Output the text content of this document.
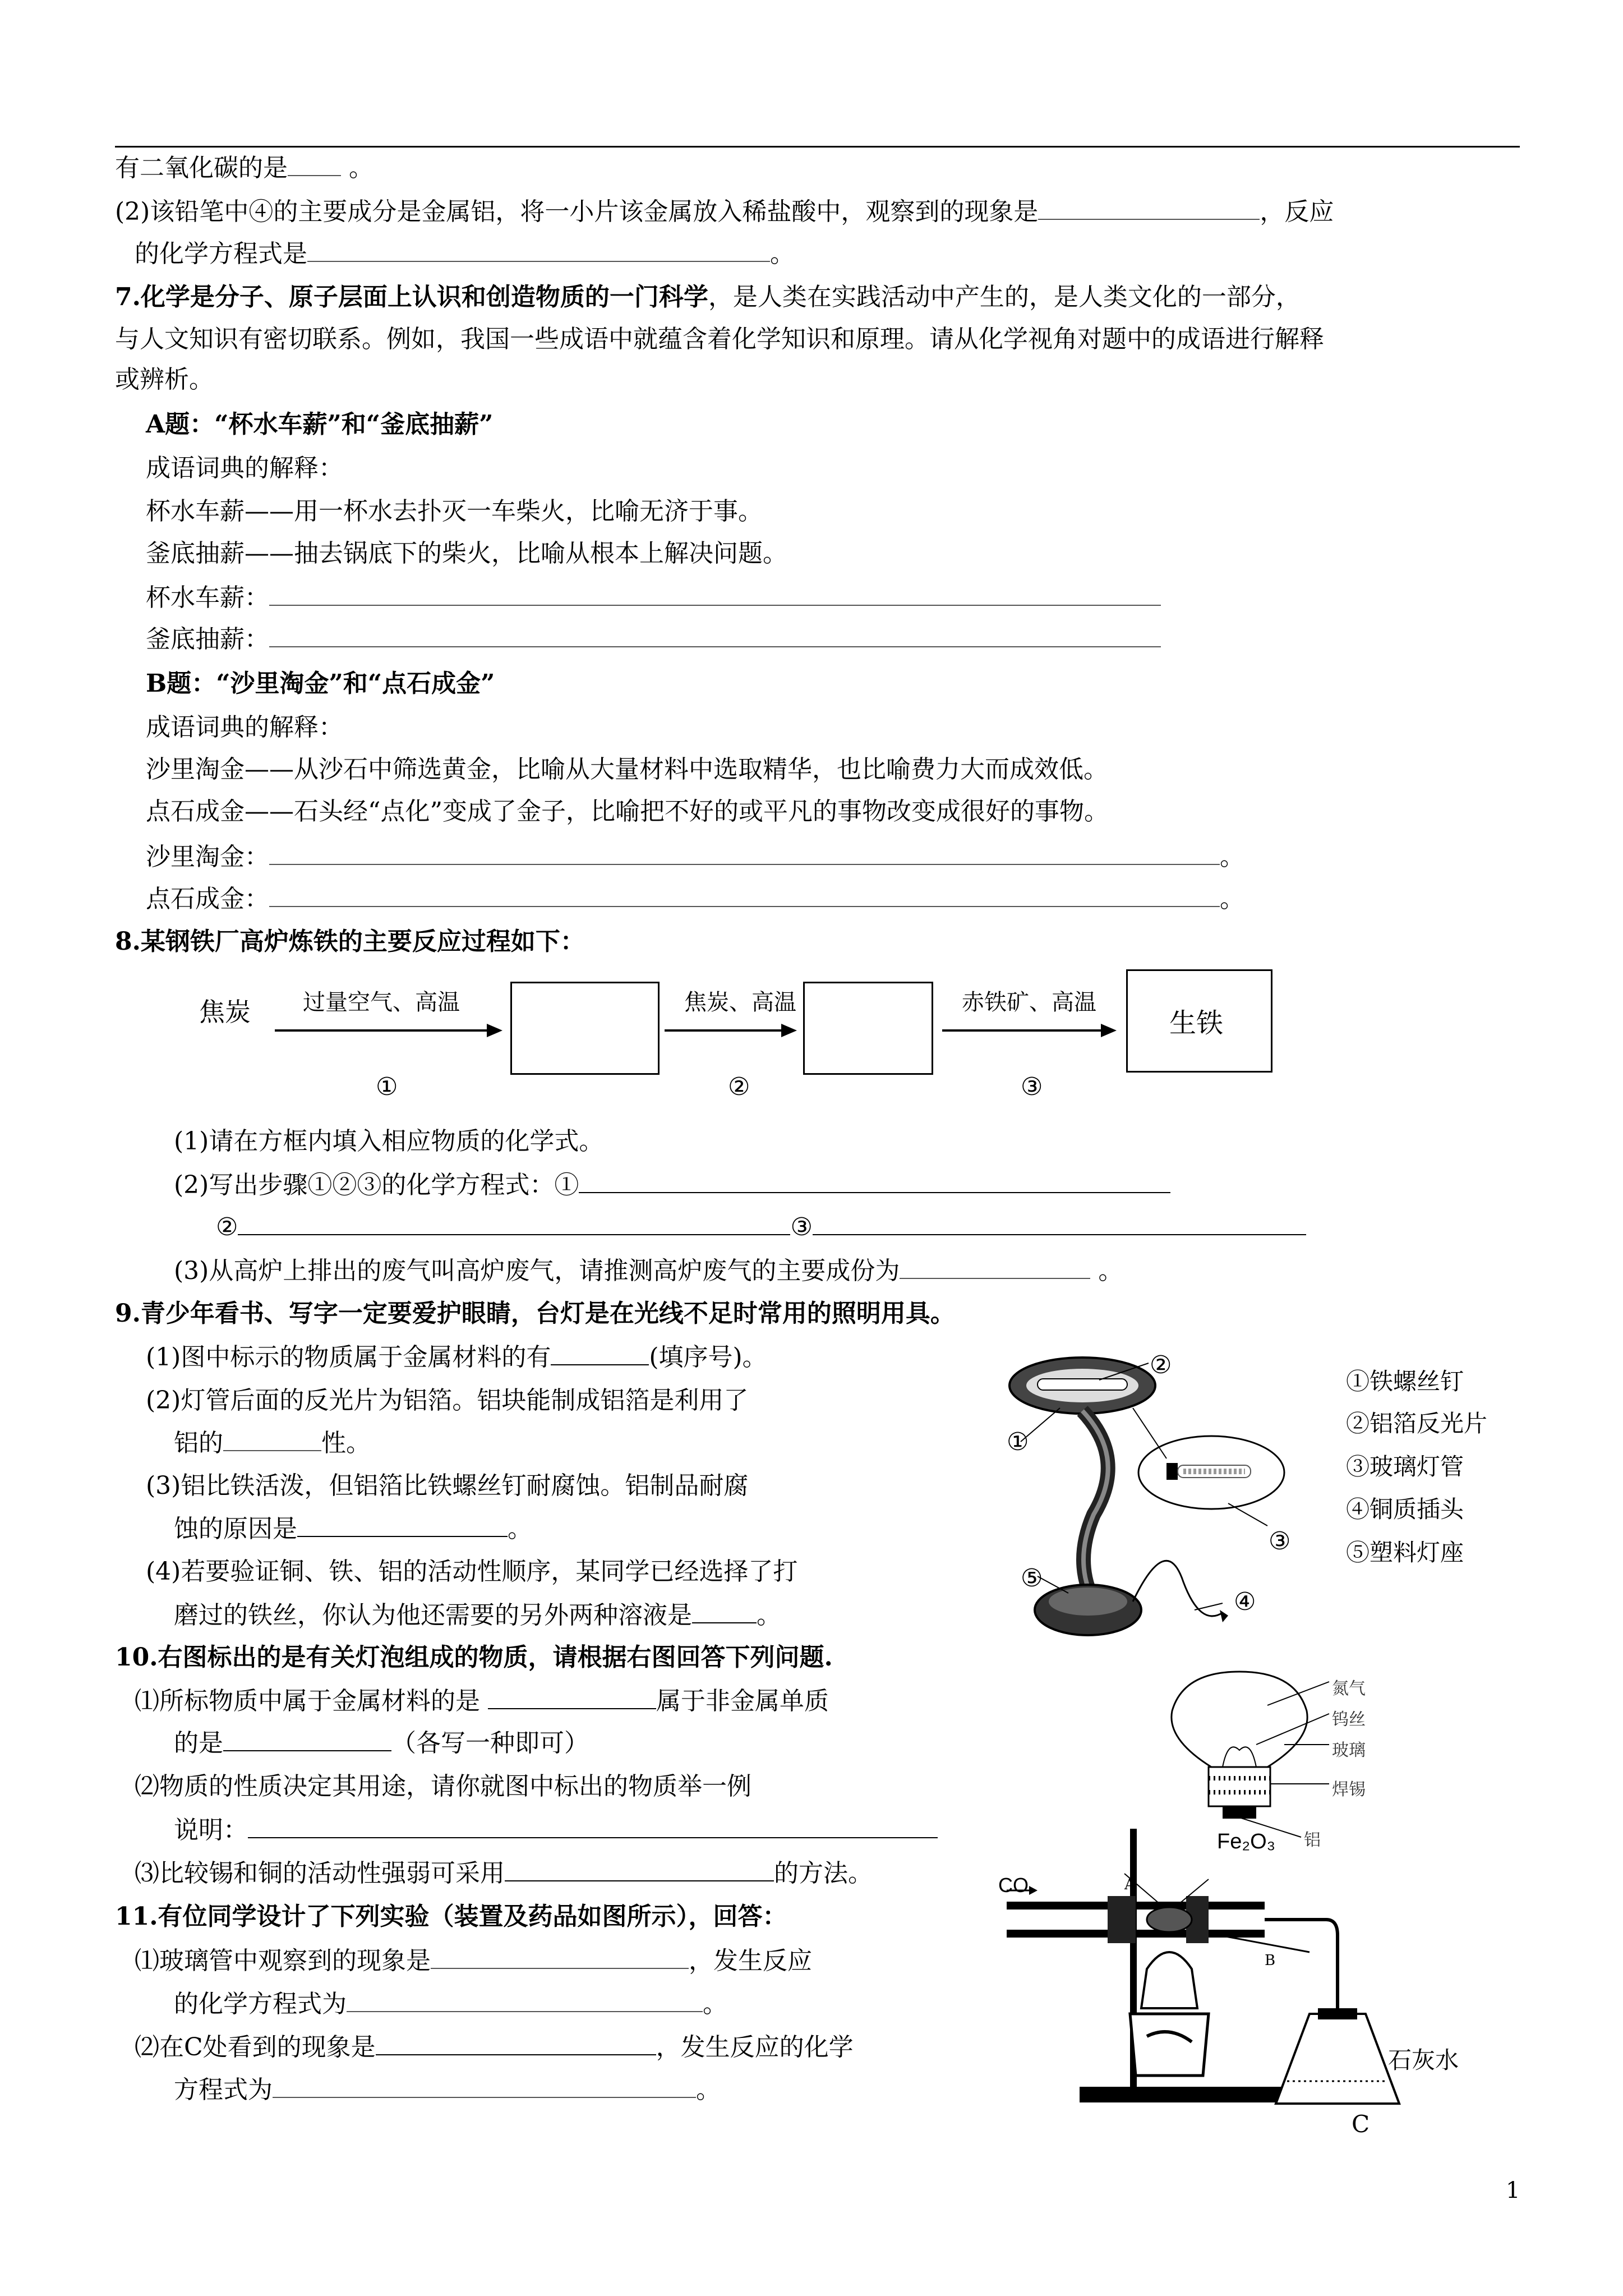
有二氧化碳的是 。
(2)该铅笔中④的主要成分是金属铝，将一小片该金属放入稀盐酸中，观察到的现象是	，反应
的化学方程式是	。
7.化学是分子、原子层面上认识和创造物质的一门科学，是人类在实践活动中产生的，是人类文化的一部分，
与人文知识有密切联系。例如，我国一些成语中就蕴含着化学知识和原理。请从化学视角对题中的成语进行解释
或辨析。
A题：“杯水车薪”和“釜底抽薪”
成语词典的解释：
杯水车薪——用一杯水去扑灭一车柴火，比喻无济于事。
釜底抽薪——抽去锅底下的柴火，比喻从根本上解决问题。
杯水车薪：
釜底抽薪：
B题：“沙里淘金”和“点石成金”
成语词典的解释：
沙里淘金——从沙石中筛选黄金，比喻从大量材料中选取精华，也比喻费力大而成效低。
点石成金——石头经“点化”变成了金子，比喻把不好的或平凡的事物改变成很好的事物。
沙里淘金：	。
点石成金：	。
8.某钢铁厂高炉炼铁的主要反应过程如下：
焦炭 过量空气、高温	焦炭、高温	赤铁矿、高温
生铁
①	②	③
(1)请在方框内填入相应物质的化学式。
(2)写出步骤①②③的化学方程式：①
②	③
(3)从高炉上排出的废气叫高炉废气，请推测高炉废气的主要成份为	。
9.青少年看书、写字一定要爱护眼睛，台灯是在光线不足时常用的照明用具。
(1)图中标示的物质属于金属材料的有	(填序号)。
(2)灯管后面的反光片为铝箔。铝块能制成铝箔是利用了
铝的	性。
(3)铝比铁活泼，但铝箔比铁螺丝钉耐腐蚀。铝制品耐腐
蚀的原因是	。
(4)若要验证铜、铁、铝的活动性顺序，某同学已经选择了打
磨过的铁丝，你认为他还需要的另外两种溶液是	。
②
①
③
⑤
④
①铁螺丝钉
②铝箔反光片
③玻璃灯管
④铜质插头
⑤塑料灯座
10.右图标出的是有关灯泡组成的物质，请根据右图回答下列问题.
⑴所标物质中属于金属材料的是	属于非金属单质
的是	（各写一种即可）
⑵物质的性质决定其用途，请你就图中标出的物质举一例
说明：
⑶比较锡和铜的活动性强弱可采用	的方法。
氮气
钨丝
玻璃
焊锡
铝
11.有位同学设计了下列实验（装置及药品如图所示），回答：
⑴玻璃管中观察到的现象是	，发生反应
的化学方程式为	。
⑵在C处看到的现象是	，发生反应的化学
方程式为	。
Fe₂O₃
CO	A
B
石灰水
C
1
